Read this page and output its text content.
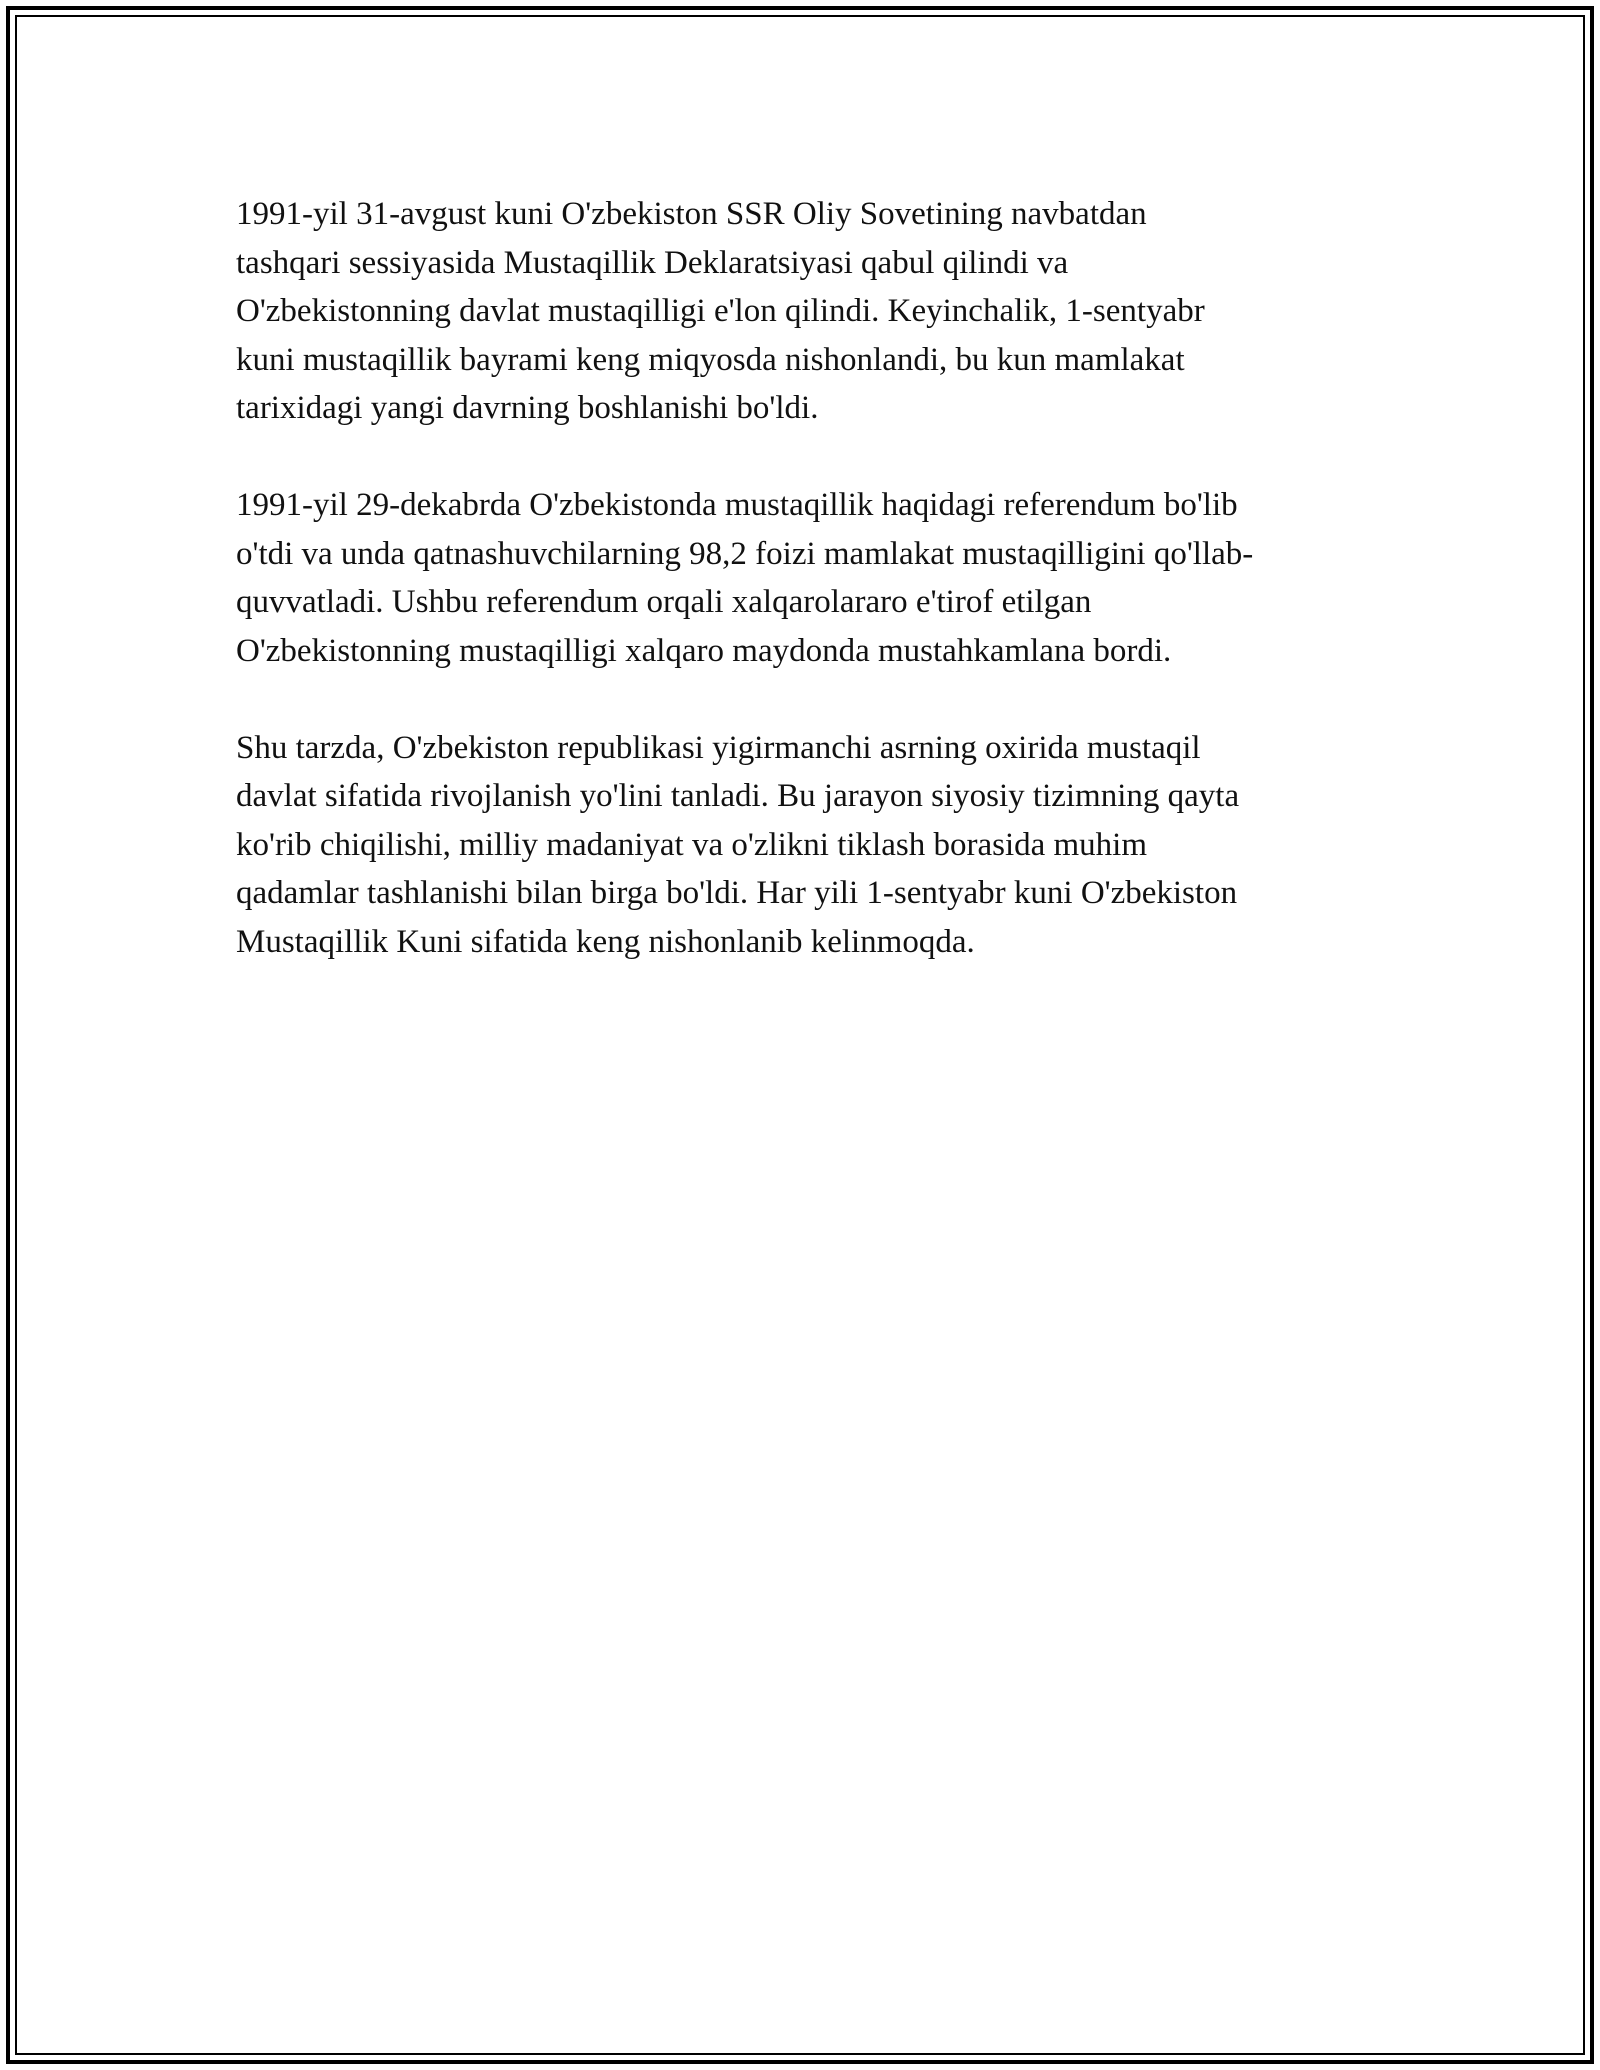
1991-yil 31-avgust kuni O'zbekiston SSR Oliy Sovetining navbatdan
tashqari sessiyasida Mustaqillik Deklaratsiyasi qabul qilindi va
O'zbekistonning davlat mustaqilligi e'lon qilindi. Keyinchalik, 1-sentyabr
kuni mustaqillik bayrami keng miqyosda nishonlandi, bu kun mamlakat
tarixidagi yangi davrning boshlanishi bo'ldi.

1991-yil 29-dekabrda O'zbekistonda mustaqillik haqidagi referendum bo'lib
o'tdi va unda qatnashuvchilarning 98,2 foizi mamlakat mustaqilligini qo'llab-
quvvatladi. Ushbu referendum orqali xalqarolararo e'tirof etilgan
O'zbekistonning mustaqilligi xalqaro maydonda mustahkamlana bordi.

Shu tarzda, O'zbekiston republikasi yigirmanchi asrning oxirida mustaqil
davlat sifatida rivojlanish yo'lini tanladi. Bu jarayon siyosiy tizimning qayta
ko'rib chiqilishi, milliy madaniyat va o'zlikni tiklash borasida muhim
qadamlar tashlanishi bilan birga bo'ldi. Har yili 1-sentyabr kuni O'zbekiston
Mustaqillik Kuni sifatida keng nishonlanib kelinmoqda.
